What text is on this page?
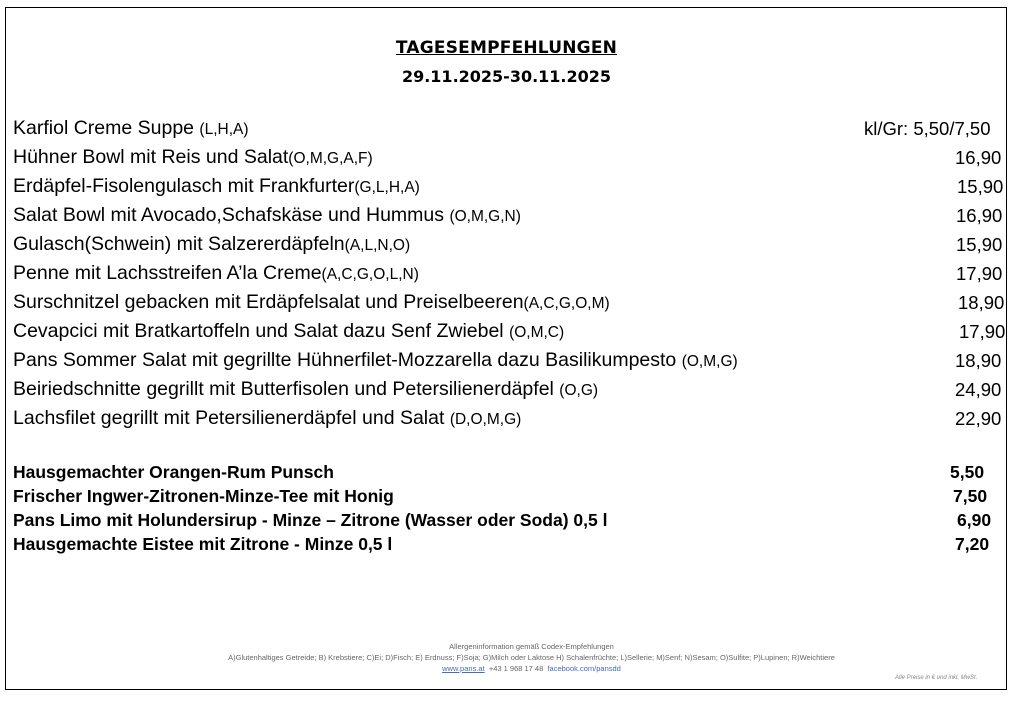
TAGESEMPFEHLUNGEN
29.11.2025-30.11.2025
Karfiol Creme Suppe (L,H,A)	kl/Gr: 5,50/7,50
Hühner Bowl mit Reis und Salat(O,M,G,A,F)	16,90
Erdäpfel-Fisolengulasch mit Frankfurter(G,L,H,A)	15,90
Salat Bowl mit Avocado,Schafskäse und Hummus (O,M,G,N)	16,90
Gulasch(Schwein) mit Salzererdäpfeln(A,L,N,O)	15,90
Penne mit Lachsstreifen A’la Creme(A,C,G,O,L,N)	17,90
Surschnitzel gebacken mit Erdäpfelsalat und Preiselbeeren(A,C,G,O,M)	18,90
Cevapcici mit Bratkartoffeln und Salat dazu Senf Zwiebel (O,M,C)	17,90
Pans Sommer Salat mit gegrillte Hühnerfilet-Mozzarella dazu Basilikumpesto (O,M,G)	18,90
Beiriedschnitte gegrillt mit Butterfisolen und Petersilienerdäpfel (O,G)	24,90
Lachsfilet gegrillt mit Petersilienerdäpfel und Salat (D,O,M,G)	22,90
Hausgemachter Orangen-Rum Punsch	5,50
Frischer Ingwer-Zitronen-Minze-Tee mit Honig	7,50
Pans Limo mit Holundersirup - Minze – Zitrone (Wasser oder Soda) 0,5 l	6,90
Hausgemachte Eistee mit Zitrone - Minze 0,5 l	7,20
Allergeninformation gemäß Codex-Empfehlungen
A)Glutenhaltiges Getreide; B) Krebstiere; C)Ei; D)Fisch; E) Erdnuss; F)Soja; G)Milch oder Laktose H) Schalenfrüchte; L)Sellerie; M)Senf; N)Sesam; O)Sulfite; P)Lupinen; R)Weichtiere
www.pans.at +43 1 968 17 48 facebook.com/pansdd
Alle Preise in € und inkl. MwSt.
